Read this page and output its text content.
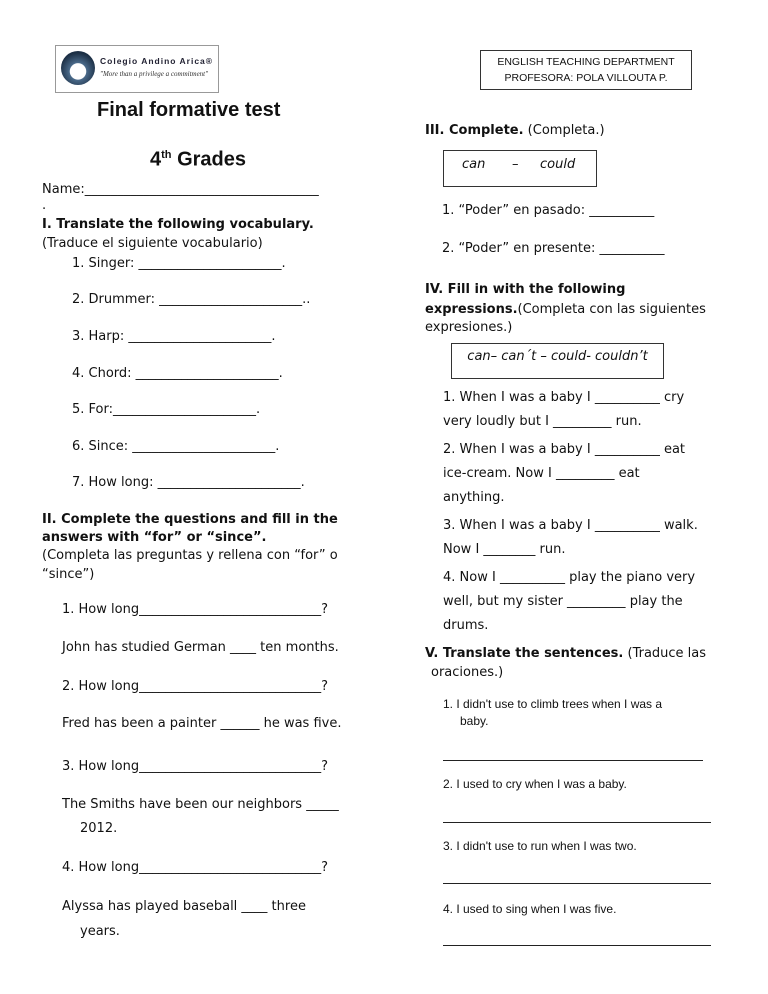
Colegio Andino Arica®
"More than a privilege a commitment"
ENGLISH TEACHING DEPARTMENT
PROFESORA: POLA VILLOUTA P.
Final formative test
4th Grades
Name:____________________________________
.
I. Translate the following vocabulary.
(Traduce el siguiente vocabulario)
1. Singer: ______________________.
2. Drummer: ______________________..
3. Harp: ______________________.
4. Chord: ______________________.
5. For:______________________.
6. Since: ______________________.
7. How long: ______________________.
II. Complete the questions and fill in the
answers with “for” or “since”.
(Completa las preguntas y rellena con “for” o
“since”)
1. How long____________________________?
John has studied German ____ ten months.
2. How long____________________________?
Fred has been a painter ______ he was five.
3. How long____________________________?
The Smiths have been our neighbors _____
2012.
4. How long____________________________?
Alyssa has played baseball ____ three
years.
III. Complete. (Completa.)
can – could
1. “Poder” en pasado: __________
2. “Poder” en presente: __________
IV. Fill in with the following
expressions.(Completa con las siguientes
expresiones.)
can– can´t – could- couldn’t
1. When I was a baby I __________ cry
very loudly but I _________ run.
2. When I was a baby I __________ eat
ice-cream. Now I _________ eat
anything.
3. When I was a baby I __________ walk.
Now I ________ run.
4. Now I __________ play the piano very
well, but my sister _________ play the
drums.
V. Translate the sentences. (Traduce las
oraciones.)
1. I didn't use to climb trees when I was a
baby.
2. I used to cry when I was a baby.
3. I didn't use to run when I was two.
4. I used to sing when I was five.
